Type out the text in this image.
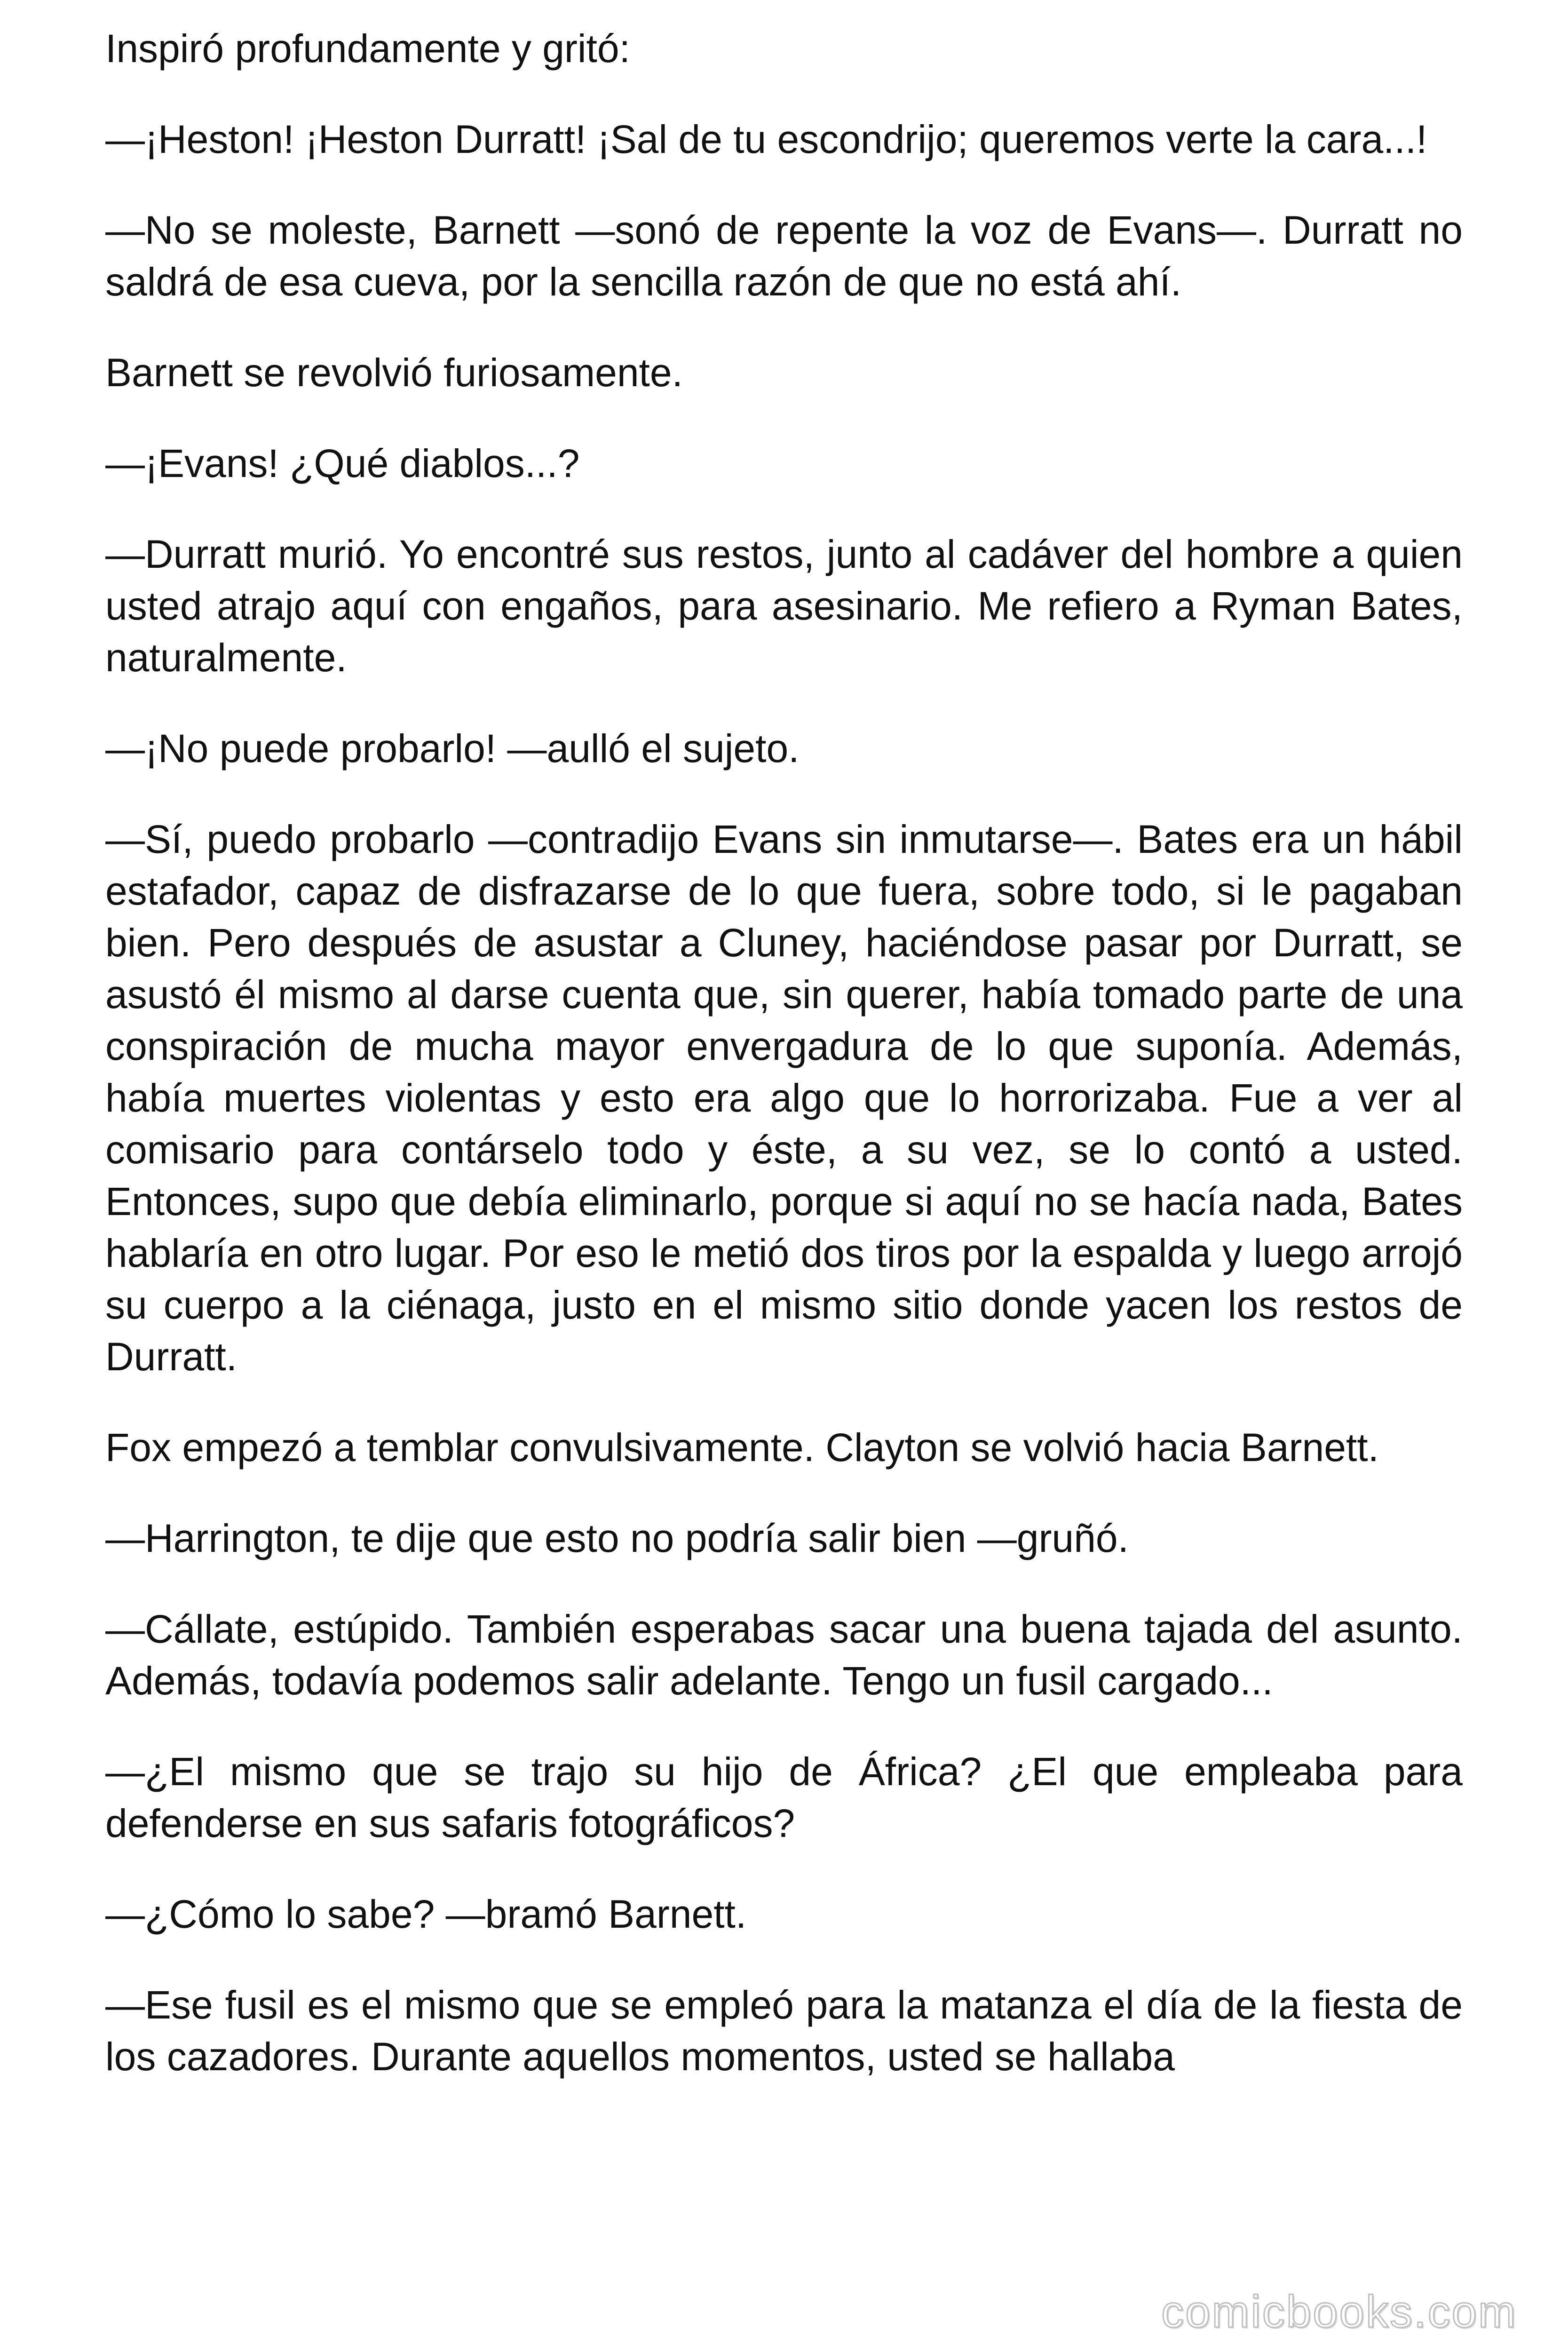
Inspiró profundamente y gritó:

—¡Heston! ¡Heston Durratt! ¡Sal de tu escondrijo; queremos verte la cara...!

—No se moleste, Barnett —sonó de repente la voz de Evans—. Durratt no saldrá de esa cueva, por la sencilla razón de que no está ahí.

Barnett se revolvió furiosamente.

—¡Evans! ¿Qué diablos...?

—Durratt murió. Yo encontré sus restos, junto al cadáver del hombre a quien usted atrajo aquí con engaños, para asesinario. Me refiero a Ryman Bates, naturalmente.

—¡No puede probarlo! —aulló el sujeto.

—Sí, puedo probarlo —contradijo Evans sin inmutarse—. Bates era un hábil estafador, capaz de disfrazarse de lo que fuera, sobre todo, si le pagaban bien. Pero después de asustar a Cluney, haciéndose pasar por Durratt, se asustó él mismo al darse cuenta que, sin querer, había tomado parte de una conspiración de mucha mayor envergadura de lo que suponía. Además, había muertes violentas y esto era algo que lo horrorizaba. Fue a ver al comisario para contárselo todo y éste, a su vez, se lo contó a usted. Entonces, supo que debía eliminarlo, porque si aquí no se hacía nada, Bates hablaría en otro lugar. Por eso le metió dos tiros por la espalda y luego arrojó su cuerpo a la ciénaga, justo en el mismo sitio donde yacen los restos de Durratt.

Fox empezó a temblar convulsivamente. Clayton se volvió hacia Barnett.

—Harrington, te dije que esto no podría salir bien —gruñó.

—Cállate, estúpido. También esperabas sacar una buena tajada del asunto. Además, todavía podemos salir adelante. Tengo un fusil cargado...

—¿El mismo que se trajo su hijo de África? ¿El que empleaba para defenderse en sus safaris fotográficos?

—¿Cómo lo sabe? —bramó Barnett.

—Ese fusil es el mismo que se empleó para la matanza el día de la fiesta de los cazadores. Durante aquellos momentos, usted se hallaba

comicbooks.com
